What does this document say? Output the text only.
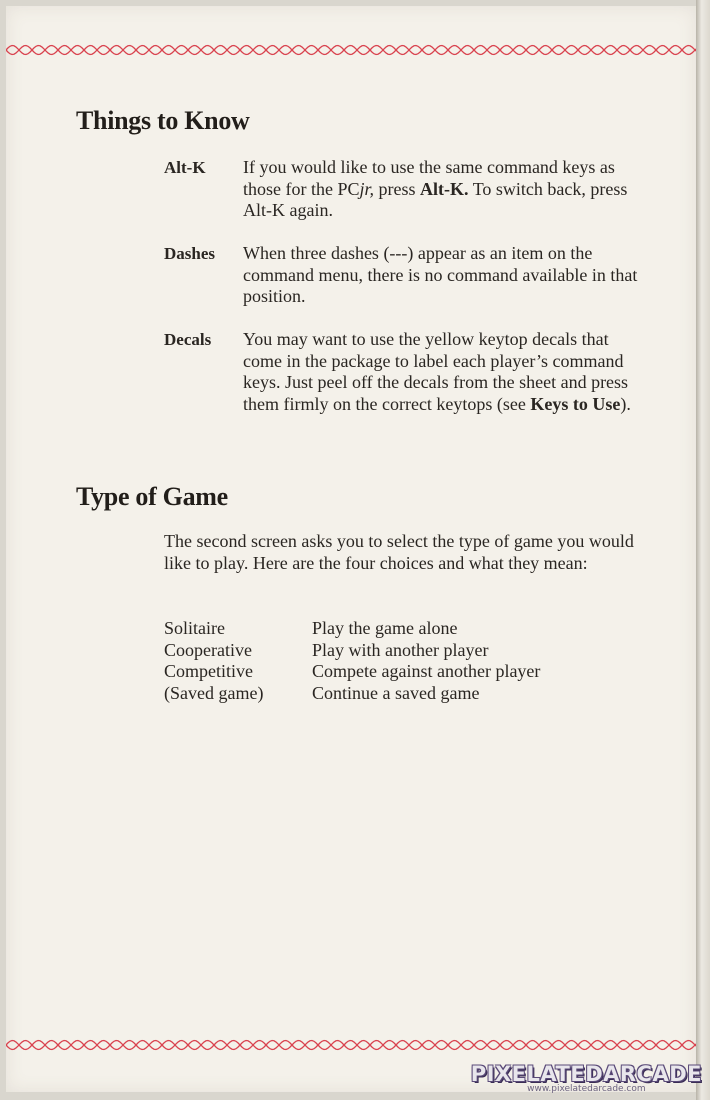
Things to Know
Alt-K If you would like to use the same command keys as those for the PCjr, press Alt-K. To switch back, press Alt-K again.
Dashes When three dashes (---) appear as an item on the command menu, there is no command available in that position.
Decals You may want to use the yellow keytop decals that come in the package to label each player’s command keys. Just peel off the decals from the sheet and press them firmly on the correct keytops (see Keys to Use).
Type of Game
The second screen asks you to select the type of game you would like to play. Here are the four choices and what they mean:
Solitaire	Play the game alone
Cooperative	Play with another player
Competitive	Compete against another player
(Saved game)	Continue a saved game
PIXELATEDARCADE
www.pixelatedarcade.com
